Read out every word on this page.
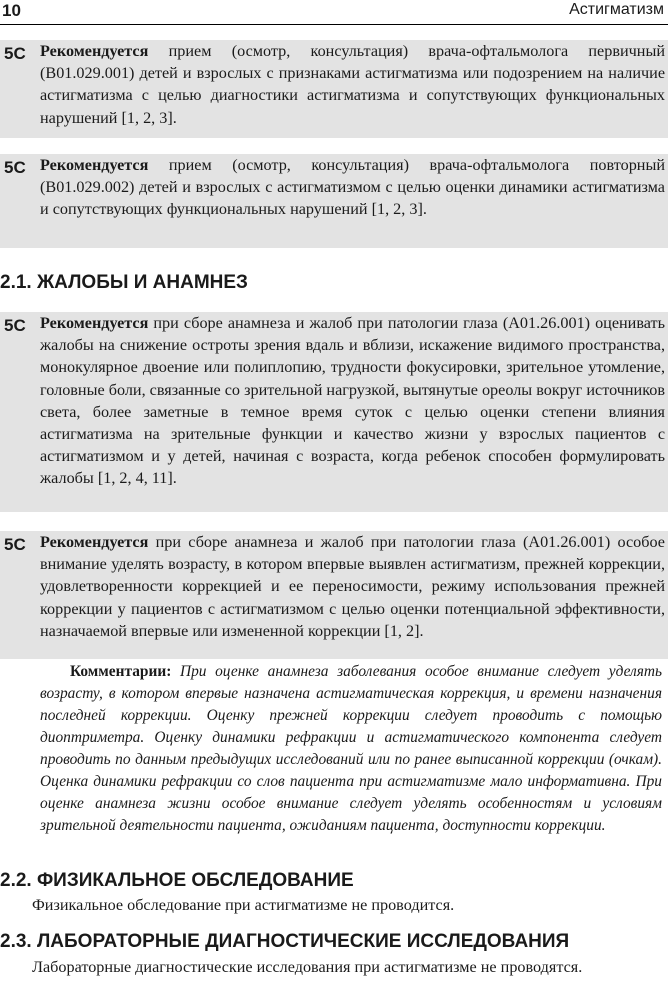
10	Астигматизм
5C Рекомендуется прием (осмотр, консультация) врача-офтальмолога первичный (B01.029.001) детей и взрослых с признаками астигматизма или подозрением на наличие астигматизма с целью диагностики астигматизма и сопутствующих функциональных нарушений [1, 2, 3].

5C Рекомендуется прием (осмотр, консультация) врача-офтальмолога повторный (B01.029.002) детей и взрослых с астигматизмом с целью оценки динамики астигматизма и сопутствующих функциональных нарушений [1, 2, 3].

2.1. ЖАЛОБЫ И АНАМНЕЗ
5C Рекомендуется при сборе анамнеза и жалоб при патологии глаза (A01.26.001) оценивать жалобы на снижение остроты зрения вдаль и вблизи, искажение видимого пространства, монокулярное двоение или полиплопию, трудности фокусировки, зрительное утомление, головные боли, связанные со зрительной нагрузкой, вытянутые ореолы вокруг источников света, более заметные в темное время суток с целью оценки степени влияния астигматизма на зрительные функции и качество жизни у взрослых пациентов с астигматизмом и у детей, начиная с возраста, когда ребенок способен формулировать жалобы [1, 2, 4, 11].

5C Рекомендуется при сборе анамнеза и жалоб при патологии глаза (A01.26.001) особое внимание уделять возрасту, в котором впервые выявлен астигматизм, прежней коррекции, удовлетворенности коррекцией и ее переносимости, режиму использования прежней коррекции у пациентов с астигматизмом с целью оценки потенциальной эффективности, назначаемой впервые или измененной коррекции [1, 2].

Комментарии: При оценке анамнеза заболевания особое внимание следует уделять возрасту, в котором впервые назначена астигматическая коррекция, и времени назначения последней коррекции. Оценку прежней коррекции следует проводить с помощью диоптриметра. Оценку динамики рефракции и астигматического компонента следует проводить по данным предыдущих исследований или по ранее выписанной коррекции (очкам). Оценка динамики рефракции со слов пациента при астигматизме мало информативна. При оценке анамнеза жизни особое внимание следует уделять особенностям и условиям зрительной деятельности пациента, ожиданиям пациента, доступности коррекции.

2.2. ФИЗИКАЛЬНОЕ ОБСЛЕДОВАНИЕ

Физикальное обследование при астигматизме не проводится.

2.3. ЛАБОРАТОРНЫЕ ДИАГНОСТИЧЕСКИЕ ИССЛЕДОВАНИЯ

Лабораторные диагностические исследования при астигматизме не проводятся.
